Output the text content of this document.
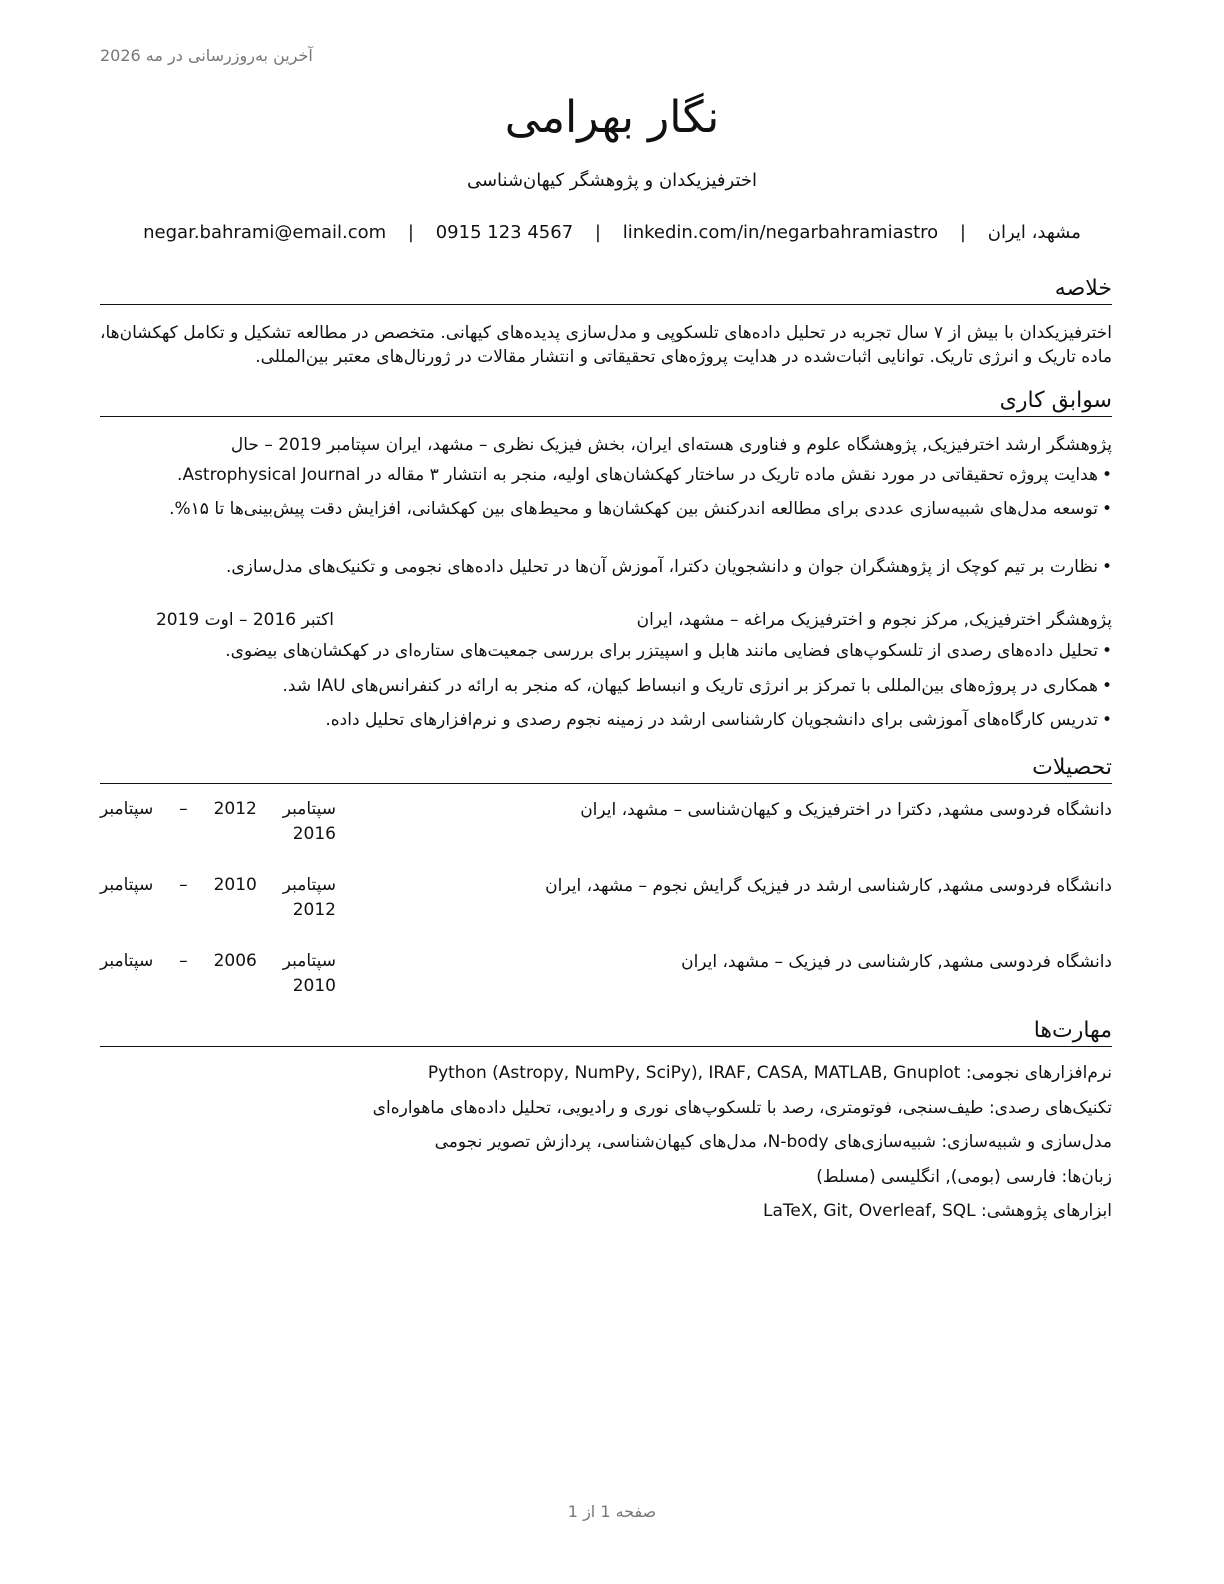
آخرین به‌روزرسانی در مه 2026
نگار بهرامی
اخترفیزیکدان و پژوهشگر کیهان‌شناسی
مشهد، ایران | negar.bahrami@email.com | 0915 123 4567 | linkedin.com/in/negarbahramiastro
خلاصه
اخترفیزیکدان با بیش از ۷ سال تجربه در تحلیل داده‌های تلسکوپی و مدل‌سازی پدیده‌های کیهانی. متخصص در مطالعه تشکیل و تکامل کهکشان‌ها، ماده تاریک و انرژی تاریک. توانایی اثبات‌شده در هدایت پروژه‌های تحقیقاتی و انتشار مقالات در ژورنال‌های معتبر بین‌المللی.
سوابق کاری
پژوهشگر ارشد اخترفیزیک, پژوهشگاه علوم و فناوری هسته‌ای ایران، بخش فیزیک نظری – مشهد، ایران سپتامبر 2019 – حال
•هدایت پروژه تحقیقاتی در مورد نقش ماده تاریک در ساختار کهکشان‌های اولیه، منجر به انتشار ۳ مقاله در Astrophysical Journal.
•توسعه مدل‌های شبیه‌سازی عددی برای مطالعه اندرکنش بین کهکشان‌ها و محیط‌های بین کهکشانی، افزایش دقت پیش‌بینی‌ها تا ۱۵%.
•نظارت بر تیم کوچک از پژوهشگران جوان و دانشجویان دکترا، آموزش آن‌ها در تحلیل داده‌های نجومی و تکنیک‌های مدل‌سازی.
پژوهشگر اخترفیزیک, مرکز نجوم و اخترفیزیک مراغه – مشهد، ایران
اکتبر 2016 – اوت 2019
•تحلیل داده‌های رصدی از تلسکوپ‌های فضایی مانند هابل و اسپیتزر برای بررسی جمعیت‌های ستاره‌ای در کهکشان‌های بیضوی.
•همکاری در پروژه‌های بین‌المللی با تمرکز بر انرژی تاریک و انبساط کیهان، که منجر به ارائه در کنفرانس‌های IAU شد.
•تدریس کارگاه‌های آموزشی برای دانشجویان کارشناسی ارشد در زمینه نجوم رصدی و نرم‌افزارهای تحلیل داده.
تحصیلات
دانشگاه فردوسی مشهد, دکترا در اخترفیزیک و کیهان‌شناسی – مشهد، ایران
سپتامبر 2012 – سپتامبر 2016
دانشگاه فردوسی مشهد, کارشناسی ارشد در فیزیک گرایش نجوم – مشهد، ایران
سپتامبر 2010 – سپتامبر 2012
دانشگاه فردوسی مشهد, کارشناسی در فیزیک – مشهد، ایران
سپتامبر 2006 – سپتامبر 2010
مهارت‌ها
نرم‌افزارهای نجومی: Python (Astropy, NumPy, SciPy), IRAF, CASA, MATLAB, Gnuplot
تکنیک‌های رصدی: طیف‌سنجی، فوتومتری، رصد با تلسکوپ‌های نوری و رادیویی، تحلیل داده‌های ماهواره‌ای
مدل‌سازی و شبیه‌سازی: شبیه‌سازی‌های N-body، مدل‌های کیهان‌شناسی، پردازش تصویر نجومی
زبان‌ها: فارسی (بومی), انگلیسی (مسلط)
ابزارهای پژوهشی: LaTeX, Git, Overleaf, SQL
صفحه 1 از 1
